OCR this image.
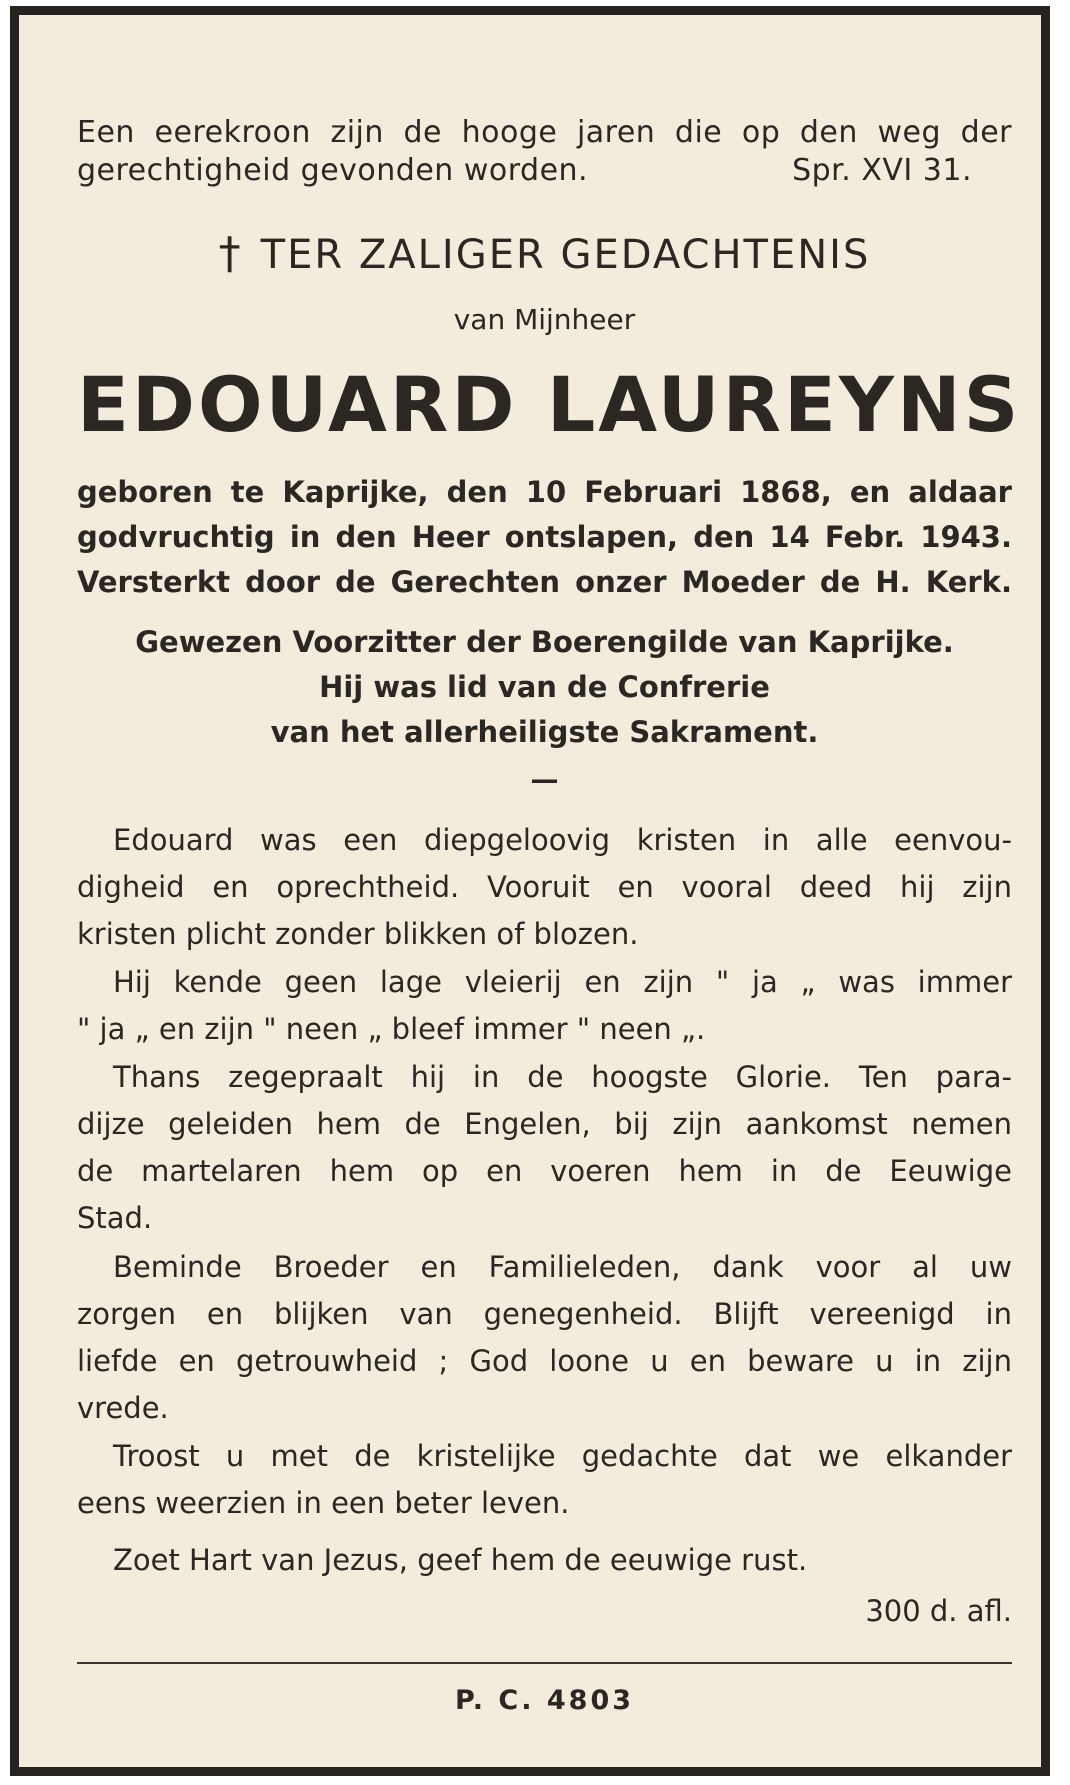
Een eerekroon zijn de hooge jaren die op den weg der
gerechtigheid gevonden worden.	Spr. XVI 31.
† TER ZALIGER GEDACHTENIS
van Mijnheer
EDOUARD LAUREYNS
geboren te Kaprijke, den 10 Februari 1868, en aldaar
godvruchtig in den Heer ontslapen, den 14 Febr. 1943.
Versterkt door de Gerechten onzer Moeder de H. Kerk.
Gewezen Voorzitter der Boerengilde van Kaprijke.
Hij was lid van de Confrerie
van het allerheiligste Sakrament.
—
Edouard was een diepgeloovig kristen in alle eenvou-
digheid en oprechtheid. Vooruit en vooral deed hij zijn
kristen plicht zonder blikken of blozen.
Hij kende geen lage vleierij en zijn " ja „ was immer
" ja „ en zijn " neen „ bleef immer " neen „.
Thans zegepraalt hij in de hoogste Glorie. Ten para-
dijze geleiden hem de Engelen, bij zijn aankomst nemen
de martelaren hem op en voeren hem in de Eeuwige
Stad.
Beminde Broeder en Familieleden, dank voor al uw
zorgen en blijken van genegenheid. Blijft vereenigd in
liefde en getrouwheid ; God loone u en beware u in zijn
vrede.
Troost u met de kristelijke gedachte dat we elkander
eens weerzien in een beter leven.
Zoet Hart van Jezus, geef hem de eeuwige rust.
300 d. afl.
P. C. 4803
